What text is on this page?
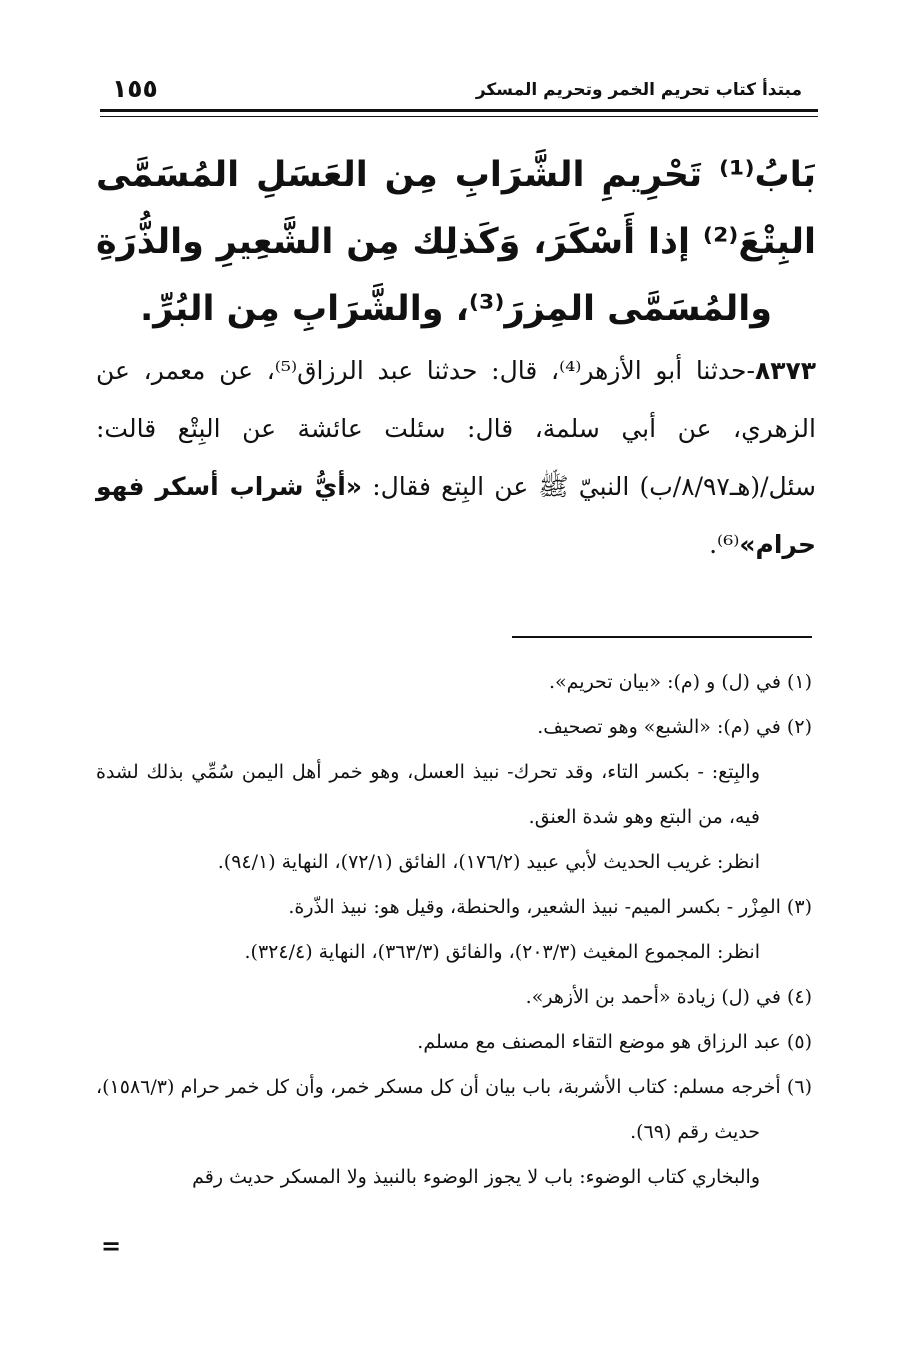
١٥٥	مبتدأ كتاب تحريم الخمر وتحريم المسكر
بَابُ⁽¹⁾ تَحْرِيمِ الشَّرَابِ مِن العَسَلِ المُسَمَّى البِتْعَ⁽²⁾ إذا أَسْكَرَ، وَكَذلِك مِن الشَّعِيرِ والذُّرَةِ والمُسَمَّى المِزرَ⁽³⁾، والشَّرَابِ مِن البُرِّ.

٨٣٧٣-حدثنا أبو الأزهر⁽⁴⁾، قال: حدثنا عبد الرزاق⁽⁵⁾، عن معمر، عن الزهري، عن أبي سلمة، قال: سئلت عائشة عن البِتْع قالت: سئل/(هـ٨/٩٧/ب) النبيّ ﷺ عن البِتع فقال: «أيُّ شراب أسكر فهو حرام»⁽⁶⁾.

(١) في (ل) و (م): «بيان تحريم».

(٢) في (م): «الشبع» وهو تصحيف.

والبِتع: - بكسر التاء، وقد تحرك- نبيذ العسل، وهو خمر أهل اليمن سُمِّي بذلك لشدة فيه، من البتع وهو شدة العنق.

انظر: غريب الحديث لأبي عبيد (١٧٦/٢)، الفائق (٧٢/١)، النهاية (٩٤/١).

(٣) المِزْر - بكسر الميم- نبيذ الشعير، والحنطة، وقيل هو: نبيذ الذّرة.

انظر: المجموع المغيث (٢٠٣/٣)، والفائق (٣٦٣/٣)، النهاية (٣٢٤/٤).

(٤) في (ل) زيادة «أحمد بن الأزهر».

(٥) عبد الرزاق هو موضع التقاء المصنف مع مسلم.

(٦) أخرجه مسلم: كتاب الأشربة، باب بيان أن كل مسكر خمر، وأن كل خمر حرام (١٥٨٦/٣)، حديث رقم (٦٩).

والبخاري كتاب الوضوء: باب لا يجوز الوضوء بالنبيذ ولا المسكر حديث رقم

=
